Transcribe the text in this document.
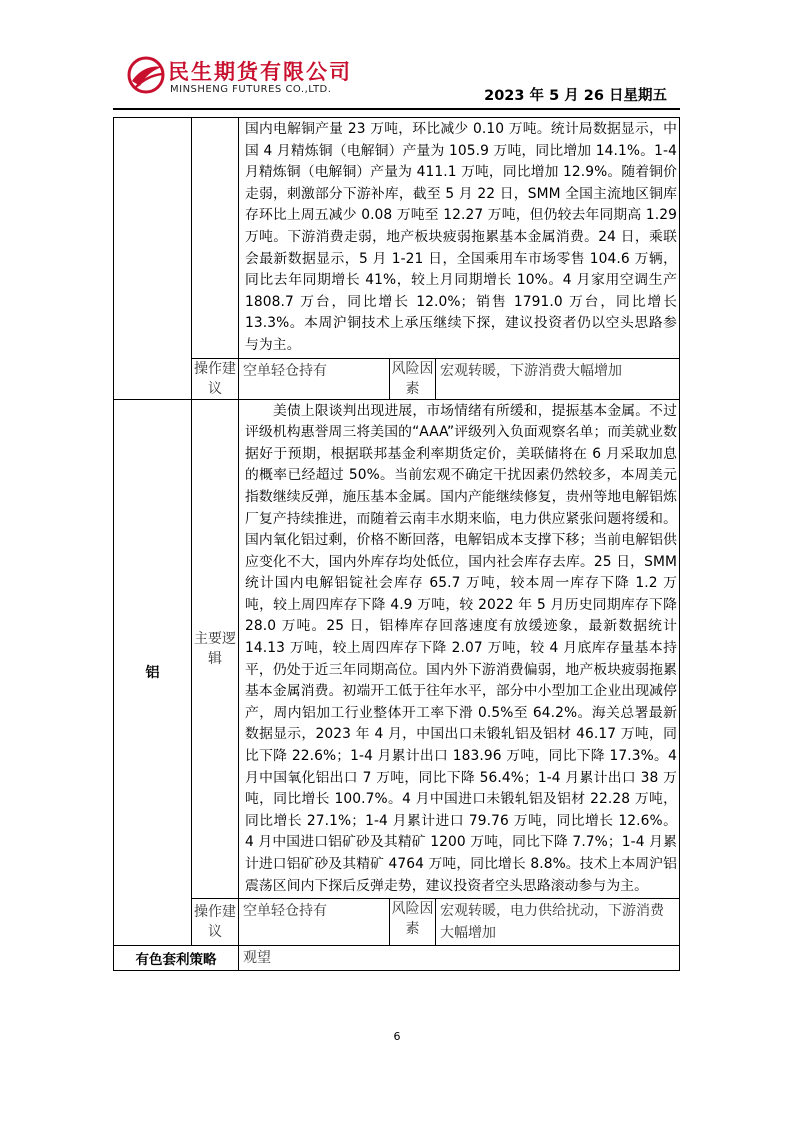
民生期货有限公司
MINSHENG FUTURES CO.,LTD.	2023 年 5 月 26 日星期五
		国内电解铜产量 23 万吨，环比减少 0.10 万吨。统计局数据显示，中国 4 月精炼铜（电解铜）产量为 105.9 万吨，同比增加 14.1%。1-4 月精炼铜（电解铜）产量为 411.1 万吨，同比增加 12.9%。随着铜价走弱，刺激部分下游补库，截至 5 月 22 日，SMM 全国主流地区铜库存环比上周五减少 0.08 万吨至 12.27 万吨，但仍较去年同期高 1.29 万吨。下游消费走弱，地产板块疲弱拖累基本金属消费。24 日，乘联会最新数据显示，5 月 1-21 日，全国乘用车市场零售 104.6 万辆，同比去年同期增长 41%，较上月同期增长 10%。4 月家用空调生产 1808.7 万台，同比增长 12.0%；销售 1791.0 万台，同比增长 13.3%。本周沪铜技术上承压继续下探，建议投资者仍以空头思路参与为主。		
	操作建议	空单轻仓持有	风险因素	宏观转暖，下游消费大幅增加
铝	主要逻辑	美债上限谈判出现进展，市场情绪有所缓和，提振基本金属。不过评级机构惠誉周三将美国的“AAA”评级列入负面观察名单；而美就业数据好于预期，根据联邦基金利率期货定价，美联储将在 6 月采取加息的概率已经超过 50%。当前宏观不确定干扰因素仍然较多，本周美元指数继续反弹，施压基本金属。国内产能继续修复，贵州等地电解铝炼厂复产持续推进，而随着云南丰水期来临，电力供应紧张问题将缓和。国内氧化铝过剩，价格不断回落，电解铝成本支撑下移；当前电解铝供应变化不大，国内外库存均处低位，国内社会库存去库。25 日，SMM 统计国内电解铝锭社会库存 65.7 万吨，较本周一库存下降 1.2 万吨，较上周四库存下降 4.9 万吨，较 2022 年 5 月历史同期库存下降 28.0 万吨。25 日，铝棒库存回落速度有放缓迹象，最新数据统计 14.13 万吨，较上周四库存下降 2.07 万吨，较 4 月底库存量基本持平，仍处于近三年同期高位。国内外下游消费偏弱，地产板块疲弱拖累基本金属消费。初端开工低于往年水平，部分中小型加工企业出现减停产，周内铝加工行业整体开工率下滑 0.5%至 64.2%。海关总署最新数据显示，2023 年 4 月，中国出口未锻轧铝及铝材 46.17 万吨，同比下降 22.6%；1-4 月累计出口 183.96 万吨，同比下降 17.3%。4 月中国氧化铝出口 7 万吨，同比下降 56.4%；1-4 月累计出口 38 万吨，同比增长 100.7%。4 月中国进口未锻轧铝及铝材 22.28 万吨，同比增长 27.1%；1-4 月累计进口 79.76 万吨，同比增长 12.6%。4 月中国进口铝矿砂及其精矿 1200 万吨，同比下降 7.7%；1-4 月累计进口铝矿砂及其精矿 4764 万吨，同比增长 8.8%。技术上本周沪铝震荡区间内下探后反弹走势，建议投资者空头思路滚动参与为主。		
	操作建议	空单轻仓持有	风险因素	宏观转暖，电力供给扰动，下游消费大幅增加
有色套利策略		观望		
6
